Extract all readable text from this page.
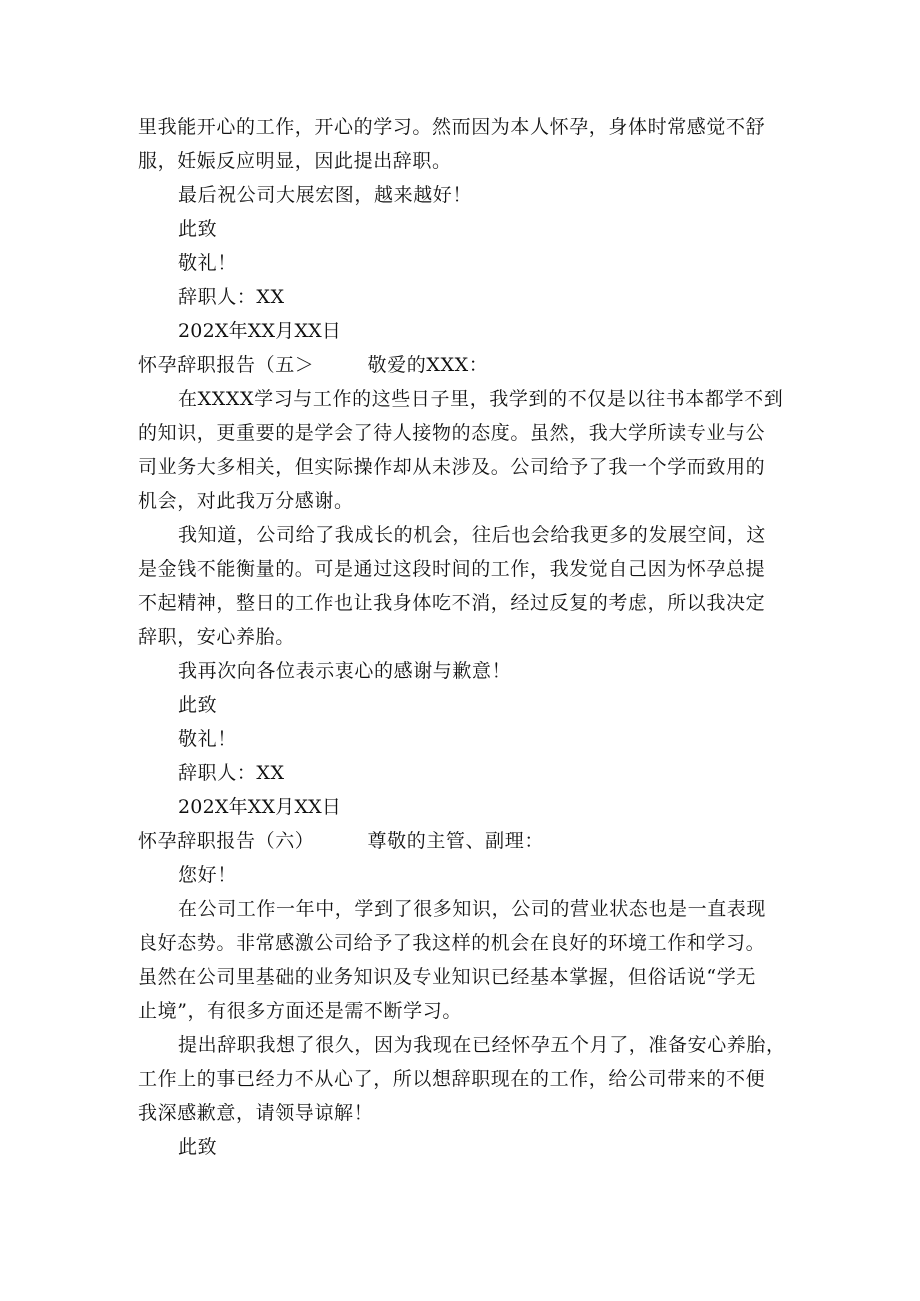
里我能开心的工作，开心的学习。然而因为本人怀孕，身体时常感觉不舒

服，妊娠反应明显，因此提出辞职。

最后祝公司大展宏图，越来越好！

此致

敬礼！

辞职人：XX

202X年XX月XX日

怀孕辞职报告（五＞        敬爱的XXX：

在XXXX学习与工作的这些日子里，我学到的不仅是以往书本都学不到

的知识，更重要的是学会了待人接物的态度。虽然，我大学所读专业与公

司业务大多相关，但实际操作却从未涉及。公司给予了我一个学而致用的

机会，对此我万分感谢。

我知道，公司给了我成长的机会，往后也会给我更多的发展空间，这

是金钱不能衡量的。可是通过这段时间的工作，我发觉自己因为怀孕总提

不起精神，整日的工作也让我身体吃不消，经过反复的考虑，所以我决定

辞职，安心养胎。

我再次向各位表示衷心的感谢与歉意！

此致

敬礼！

辞职人：XX

202X年XX月XX日

怀孕辞职报告（六）        尊敬的主管、副理：

您好！

在公司工作一年中，学到了很多知识，公司的营业状态也是一直表现

良好态势。非常感激公司给予了我这样的机会在良好的环境工作和学习。

虽然在公司里基础的业务知识及专业知识已经基本掌握，但俗话说“学无

止境”，有很多方面还是需不断学习。

提出辞职我想了很久，因为我现在已经怀孕五个月了，准备安心养胎，

工作上的事已经力不从心了，所以想辞职现在的工作，给公司带来的不便

我深感歉意，请领导谅解！

此致
